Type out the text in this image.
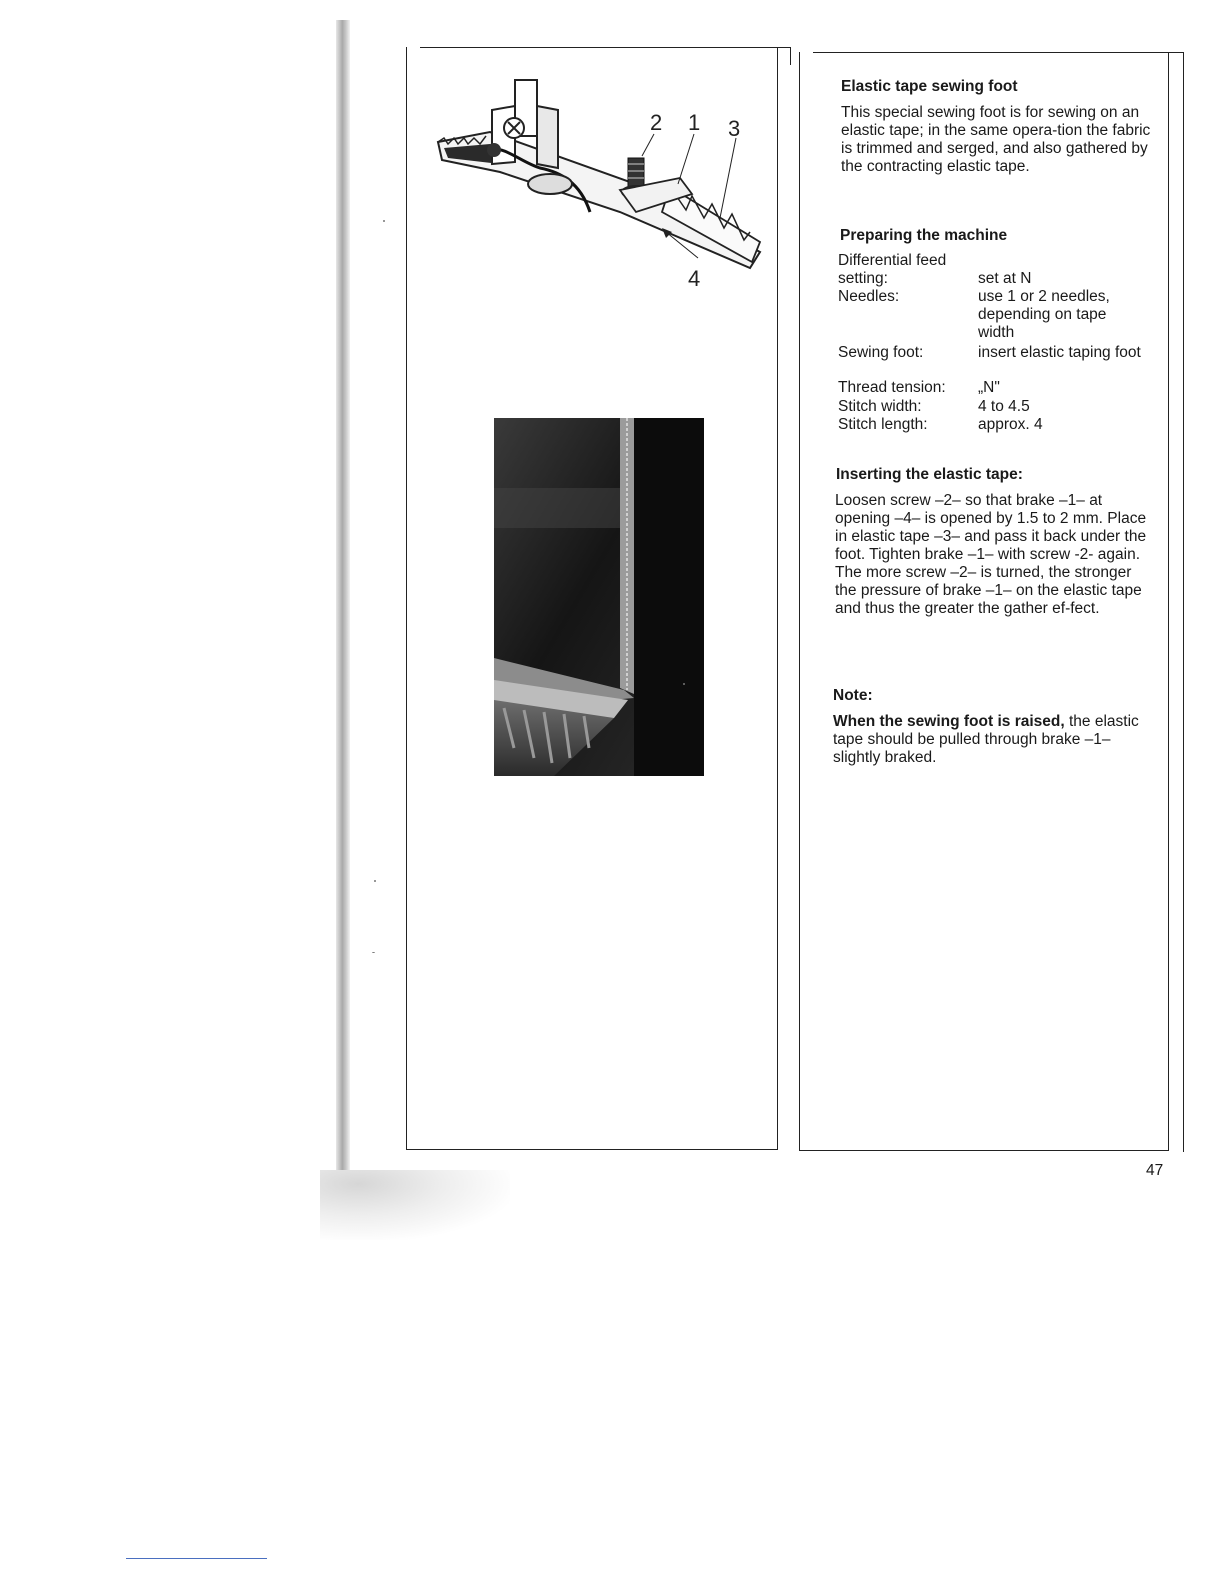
2 1 3
4
Elastic tape sewing foot
This special sewing foot is for sewing on an elastic tape; in the same opera-tion the fabric is trimmed and serged, and also gathered by the contracting elastic tape.
Preparing the machine
Differential feed setting:	set at N
Needles:	use 1 or 2 needles, depending on tape width
Sewing foot:	insert elastic taping foot
Thread tension:	„N"
Stitch width:	4 to 4.5
Stitch length:	approx. 4
Inserting the elastic tape:
Loosen screw –2– so that brake –1– at opening –4– is opened by 1.5 to 2 mm. Place in elastic tape –3– and pass it back under the foot. Tighten brake –1– with screw -2- again. The more screw –2– is turned, the stronger the pressure of brake –1– on the elastic tape and thus the greater the gather ef-fect.
Note:
When the sewing foot is raised, the elastic tape should be pulled through brake –1– slightly braked.
47
